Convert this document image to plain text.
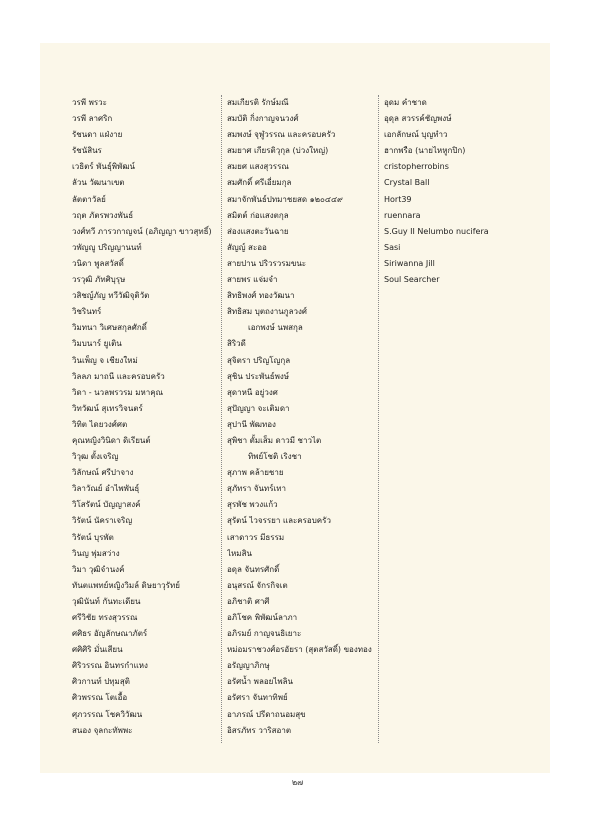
วรพี พรวะ
วรพี ลาศริก
รัชนดา แฝ่งาย
รัชนัสินร
เวธิตร์ พันธุ์พิพัฒน์
ลัวน วัฒนาเขต
ลัตตาวัลย์
วฤต ภัตรพวงพันธ์
วงศ์ทวี ภารวกาญจน์ (อภิญญา ขาวสุทธิ์)
วพัญญู ปริญญานนท์
วนิดา พูลสวัสดิ์
วรวุฒิ ภัทศิบุรุษ
วสิชญ์ภัญ ทวีวัฒิจุติวัต
วิชรินทร์
วิมทนา วิเศษสกุลศักดิ์
วิมบนาร์ ยูเติน
วินเพ็ญ จ เชียงใหม่
วิลลภ มาถนี และครอบครัว
วิดา - นวลพรวรม มหาคุณ
วิทวัฒน์ สุเทรวิจนตร์
วิทิต ไดยวงศ์ศต
คุณหญิงวินิดา ดิเรียนต์
วิวุฒ ตั้งเจริญ
วิลักษณ์ ศรีปาจาง
วิลาวัณย์ อำไพพันธุ์
วิโสรัตน์ บัญญาสงค์
วิรัตน์ นัคราเจริญ
วิรัตน์ บุรพัต
วินญ พุ่มสว่าง
วิมา วุฒิจำนงค์
ทันตแพทย์หญิงวิมล์ ดิษยาวุรัทย์
วุฒินันท์ กันทะเดียน
ศรีวิชัย ทรงสุวรรณ
ศศิธร อัญลักษณาภัตร์
ศศิศิริ มั่นเสียน
ศิริวรรณ อินทรกำแหง
ศิวกานท์ ปทุมสุติ
ศิวพรรณ โตเอื้อ
ศุภวรรณ โชควิวัฒน
สนอง จุลกะทัพพะ
สมเกียรติ รักษ์มณี
สมบัติ กิ่งกาญจนวงศ์
สมพงษ์ จุฬูวรรณ และครอบครัว
สมยาศ เกียรติวุกุล (บ่วงใหญ่)
สมยศ แสงสุวรรณ
สมศักดิ์ ศรีเอี่ยมกุล
สมาจักพันธ์ปทมาชยสด ๑๒๐๔๔๙
สมิตต์ ก่อแสงตกุล
ส่องแสงตะวันฉาย
สัญญ์ สะออ
สายปาน ปริวรวรมขนะ
สายพร แจ่มจำ
สิทธิพงศ์ ทองวัฒนา
สิทธิสม บุตถงานกูลวงศ์
เอกพงษ์ นพสกุล
สิริวดี
สุจิตรา ปริญโญกุล
สุชิน ประพันธ์พงษ์
สุดาหนี อยู่วงศ
สุปัญญา จะเติมดา
สุปานี พัฒทอง
สุพิชา ตั้มเส็ม ดาวมี ชาวไต
ทิพย์โชติ เริงชา
สุภาพ คล้ายชาย
สุภัทรา จันทร์เทา
สุรพัช พวงแก้ว
สุรัตน์ ไวจรรยา และครอบครัว
เสาดาวร มีธรรม
ไหมสิน
อดุล จันทรศักดิ์
อนุสรณ์ จักรกิจเต
อภิชาติ ศาศี
อภิโชค พิพัฒน์ลาภา
อภิรมย์ กาญจนธิเยาะ
หม่อมราชวงศ์อรอัยรา (สุตสวัสดิ์) ของทอง
อรัญญาภิกษุ
อรัศน้ำ พลอยไพลิน
อรัศรา จันทาทิพย์
อาภรณ์ ปรีดาถนอมสุข
อิสรภัทร วาริสอาต
อุดม คำชาด
อุดุล สวรรค์ชัญพงษ์
เอกลักษณ์ บุญทำว
ฮากพรือ (นายไหหูกปิก)
cristopherrobins
Crystal Ball
Hort39
ruennara
S.Guy II Nelumbo nucifera
Sasi
Siriwanna Jill
Soul Searcher
๒๗
